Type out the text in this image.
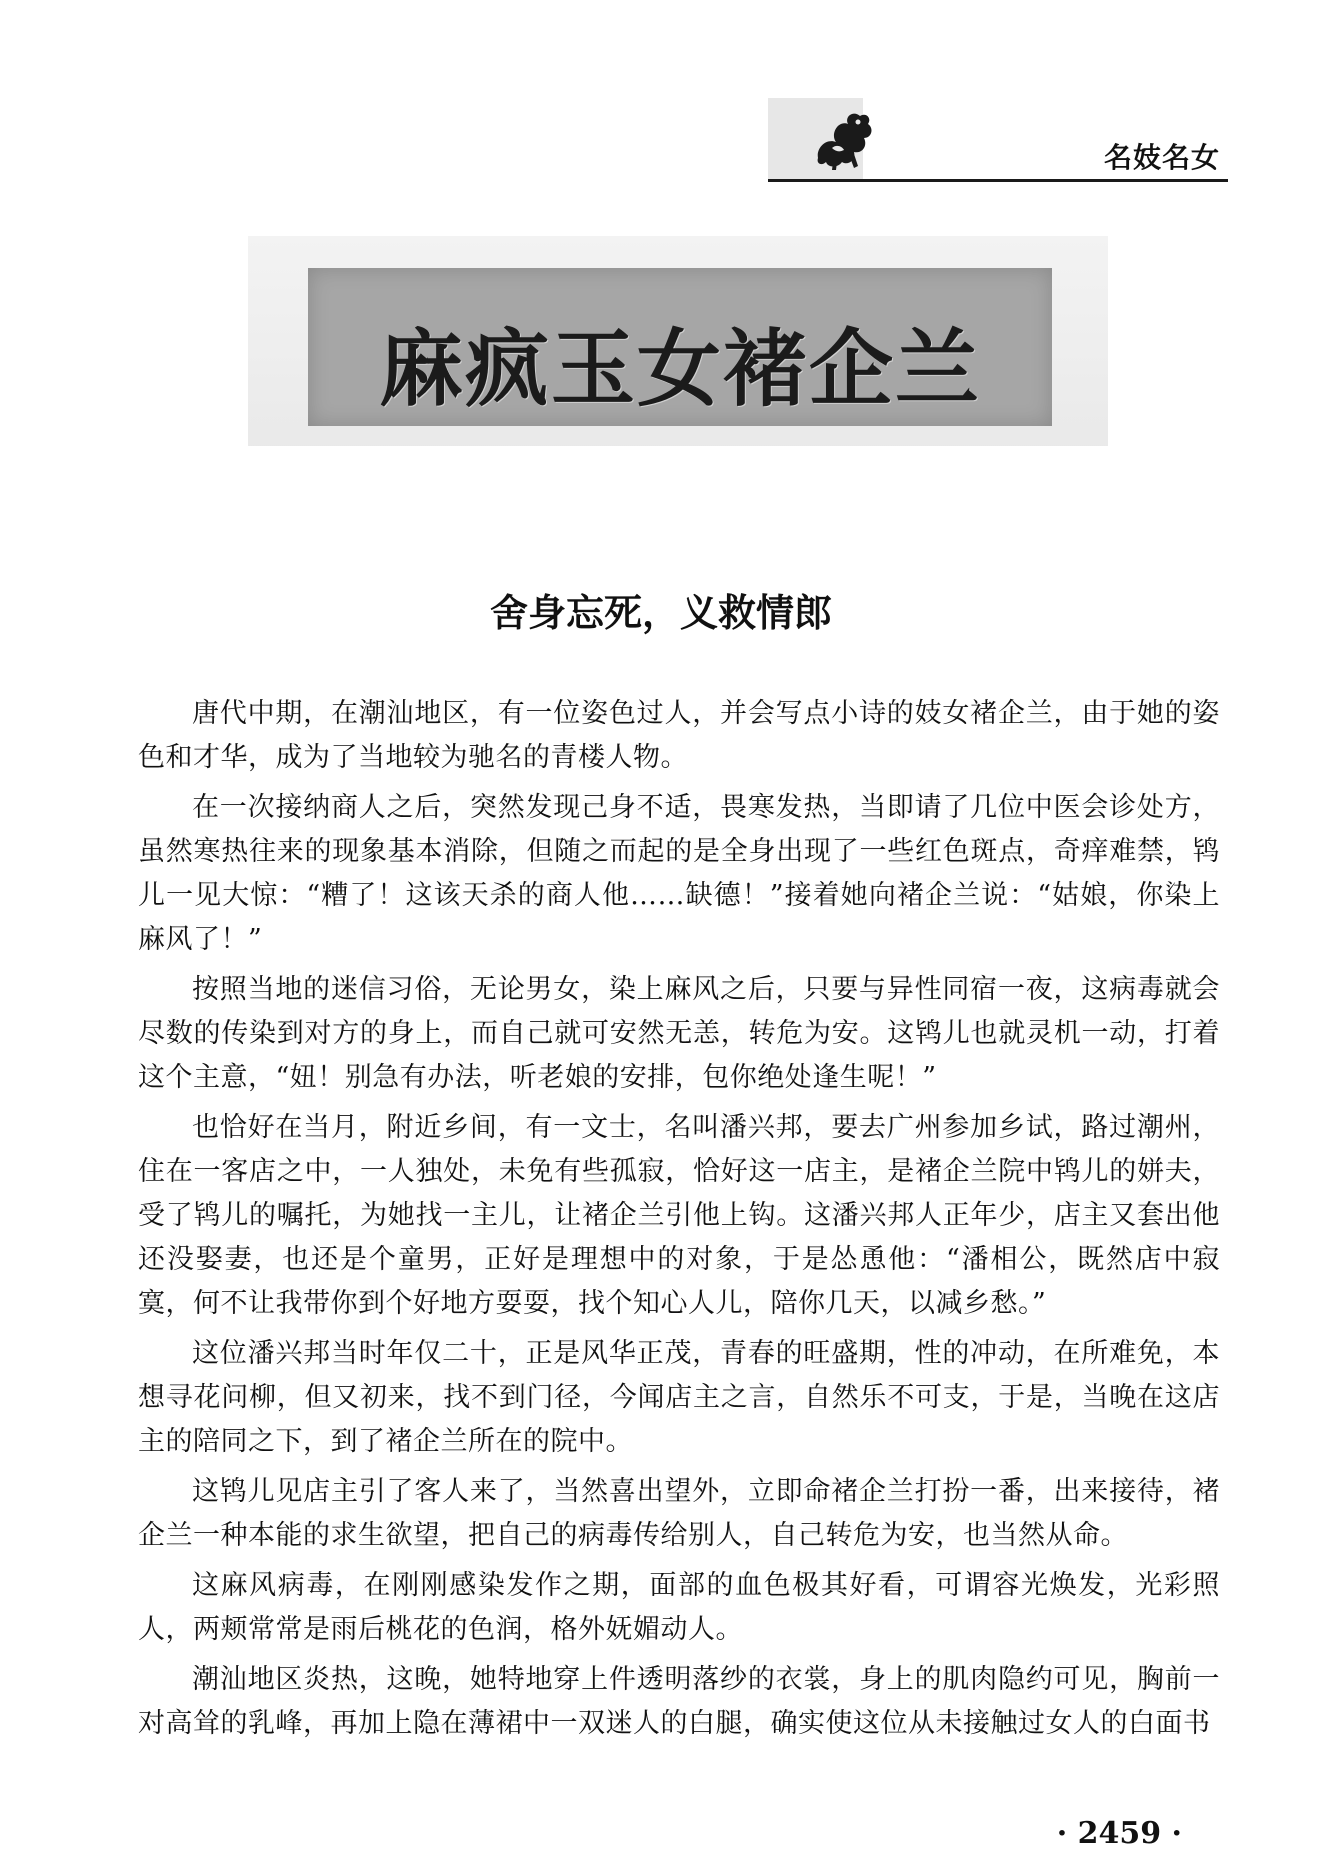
名妓名女
麻疯玉女褚企兰
舍身忘死，义救情郎

唐代中期，在潮汕地区，有一位姿色过人，并会写点小诗的妓女褚企兰，由于她的姿色和才华，成为了当地较为驰名的青楼人物。

在一次接纳商人之后，突然发现己身不适，畏寒发热，当即请了几位中医会诊处方，虽然寒热往来的现象基本消除，但随之而起的是全身出现了一些红色斑点，奇痒难禁，鸨儿一见大惊：“糟了！这该天杀的商人他……缺德！”接着她向褚企兰说：“姑娘，你染上麻风了！”

按照当地的迷信习俗，无论男女，染上麻风之后，只要与异性同宿一夜，这病毒就会尽数的传染到对方的身上，而自己就可安然无恙，转危为安。这鸨儿也就灵机一动，打着这个主意，“妞！别急有办法，听老娘的安排，包你绝处逢生呢！”

也恰好在当月，附近乡间，有一文士，名叫潘兴邦，要去广州参加乡试，路过潮州，住在一客店之中，一人独处，未免有些孤寂，恰好这一店主，是褚企兰院中鸨儿的姘夫，受了鸨儿的嘱托，为她找一主儿，让褚企兰引他上钩。这潘兴邦人正年少，店主又套出他还没娶妻，也还是个童男，正好是理想中的对象，于是怂恿他：“潘相公，既然店中寂寞，何不让我带你到个好地方耍耍，找个知心人儿，陪你几天，以减乡愁。”

这位潘兴邦当时年仅二十，正是风华正茂，青春的旺盛期，性的冲动，在所难免，本想寻花问柳，但又初来，找不到门径，今闻店主之言，自然乐不可支，于是，当晚在这店主的陪同之下，到了褚企兰所在的院中。

这鸨儿见店主引了客人来了，当然喜出望外，立即命褚企兰打扮一番，出来接待，褚企兰一种本能的求生欲望，把自己的病毒传给别人，自己转危为安，也当然从命。

这麻风病毒，在刚刚感染发作之期，面部的血色极其好看，可谓容光焕发，光彩照人，两颊常常是雨后桃花的色润，格外妩媚动人。

潮汕地区炎热，这晚，她特地穿上件透明落纱的衣裳，身上的肌肉隐约可见，胸前一对高耸的乳峰，再加上隐在薄裙中一双迷人的白腿，确实使这位从未接触过女人的白面书

· 2459 ·
